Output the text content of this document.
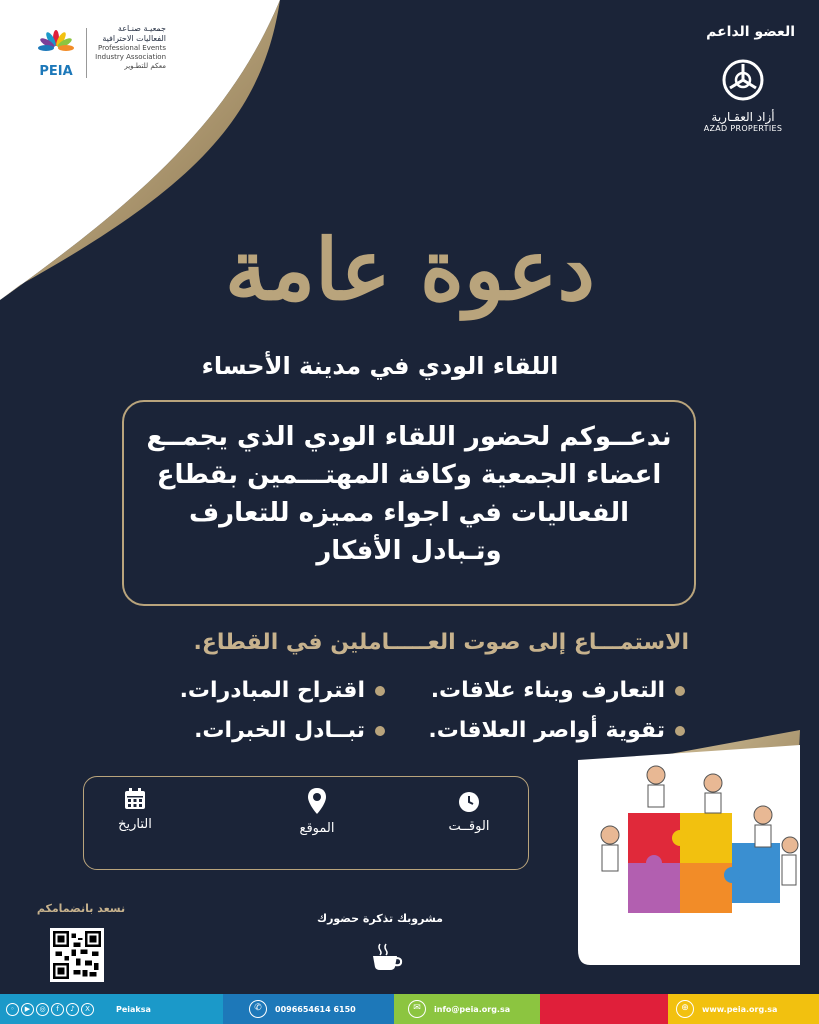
PEIA
جمعيـة صنـاعة
الفعاليات الاحترافية
Professional Events
Industry Association
معكم للتطـوير
العضو الداعم
أزاد العقـارية
AZAD PROPERTIES
دعوة عامة
اللقاء الودي في مدينة الأحساء
ندعــوكم لحضور اللقاء الودي الذي يجمــع اعضاء الجمعية وكافة المهتـــمين بقطاع الفعاليات في اجواء مميزه للتعارف وتـبادل الأفكار
الاستمـــاع إلى صوت العـــــاملين في القطاع.
التعارف وبناء علاقات.
اقتراح المبادرات.
تقوية أواصر العلاقات.
تبــادل الخبرات.
الوقــت
الموقع
التاريخ
نسعد بانضمامكم
مشروبك تذكرة حضورك
◦	▶	◎	f	♪	X	Peiaksa	✆	0096654614 6150	✉	info@peia.org.sa	⊕	www.peia.org.sa
